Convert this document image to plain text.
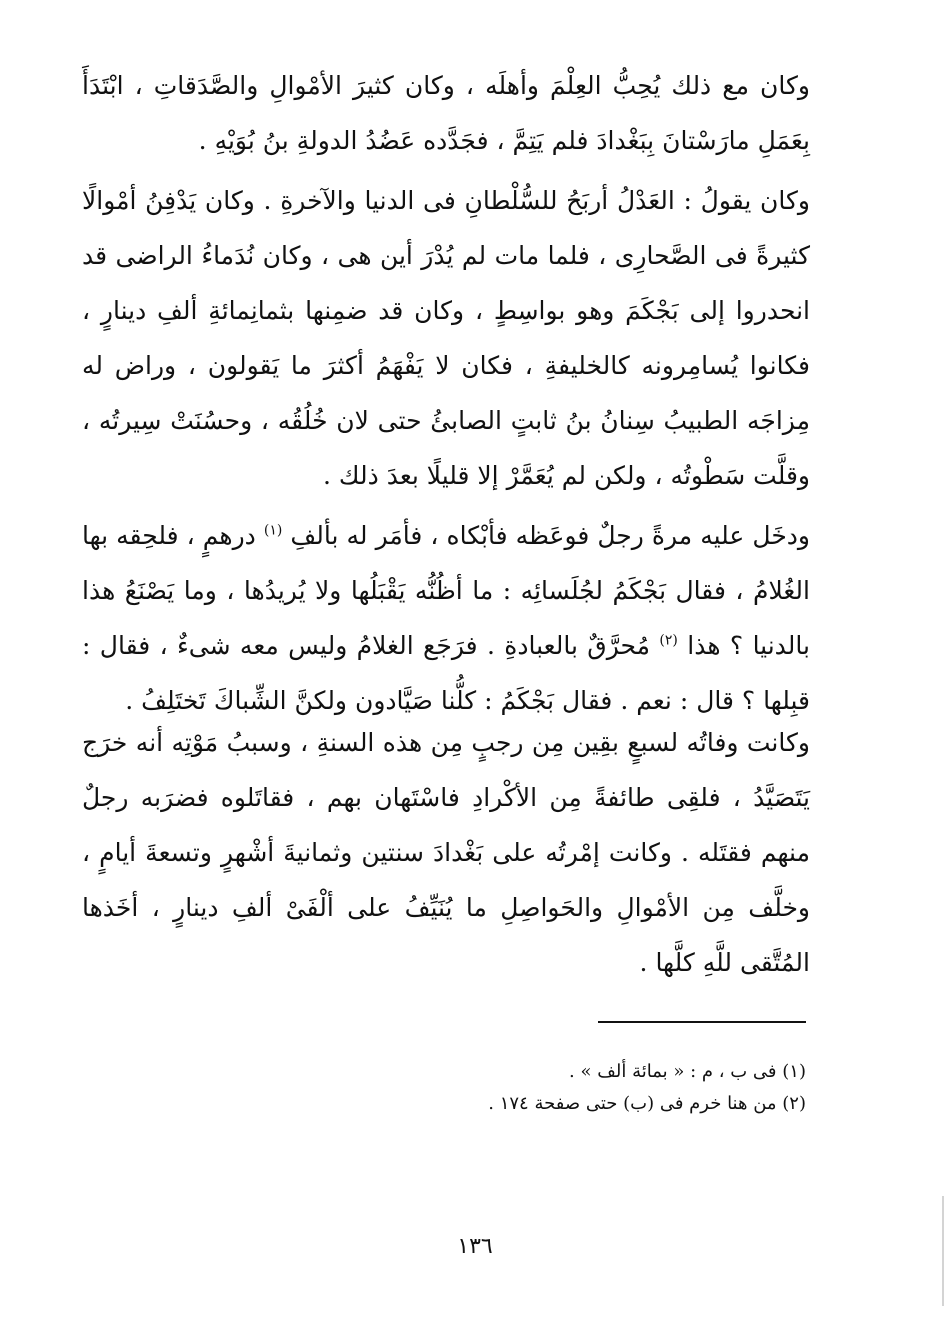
وكان مع ذلك يُحِبُّ العِلْمَ وأهلَه ، وكان كثيرَ الأمْوالِ والصَّدَقاتِ ، ابْتَدَأَ بِعَمَلِ مارَسْتانَ بِبَغْدادَ فلم يَتِمَّ ، فجَدَّده عَضُدُ الدولةِ بنُ بُوَيْهِ .

وكان يقولُ : العَدْلُ أربَحُ للسُّلْطانِ فى الدنيا والآخرةِ . وكان يَدْفِنُ أمْوالًا كثيرةً فى الصَّحارِى ، فلما مات لم يُدْرَ أين هى ، وكان نُدَماءُ الراضى قد انحدروا إلى بَجْكَمَ وهو بواسِطٍ ، وكان قد ضمِنها بثمانِمائةِ ألفِ دينارٍ ، فكانوا يُسامِرونه كالخليفةِ ، فكان لا يَفْهَمُ أكثرَ ما يَقولون ، وراض له مِزاجَه الطبيبُ سِنانُ بنُ ثابتٍ الصابئُ حتى لان خُلُقُه ، وحسُنَتْ سِيرتُه ، وقلَّت سَطْوتُه ، ولكن لم يُعَمَّرْ إلا قليلًا بعدَ ذلك .

ودخَل عليه مرةً رجلٌ فوعَظه فأبْكاه ، فأمَر له بألفِ $^{(١)}$ درهمٍ ، فلحِقه بها الغُلامُ ، فقال بَجْكَمُ لجُلَسائِه : ما أظُنُّه يَقْبَلُها ولا يُريدُها ، وما يَصْنَعُ هذا بالدنيا ؟ هذا $^{(٢)}$ مُحرَّقٌ بالعبادةِ . فرَجَع الغلامُ وليس معه شىءٌ ، فقال : قبِلها ؟ قال : نعم . فقال بَجْكَمُ : كلُّنا صَيَّادون ولكنَّ الشِّباكَ تَختَلِفُ .

وكانت وفاتُه لسبعٍ بقِين مِن رجبٍ مِن هذه السنةِ ، وسببُ مَوْتِه أنه خرَج يَتَصَيَّدُ ، فلقِى طائفةً مِن الأكْرادِ فاسْتَهان بهم ، فقاتَلوه فضرَبه رجلٌ منهم فقتَله . وكانت إمْرتُه على بَغْدادَ سنتين وثمانيةَ أشْهرٍ وتسعةَ أيامٍ ، وخلَّف مِن الأمْوالِ والحَواصِلِ ما يُنَيِّفُ على ألْفَىْ ألفِ دينارٍ ، أخَذها المُتَّقى للَّهِ كلَّها .

(١) فى ب ، م : « بمائة ألف » .

(٢) من هنا خرم فى (ب) حتى صفحة ١٧٤ .

١٣٦
